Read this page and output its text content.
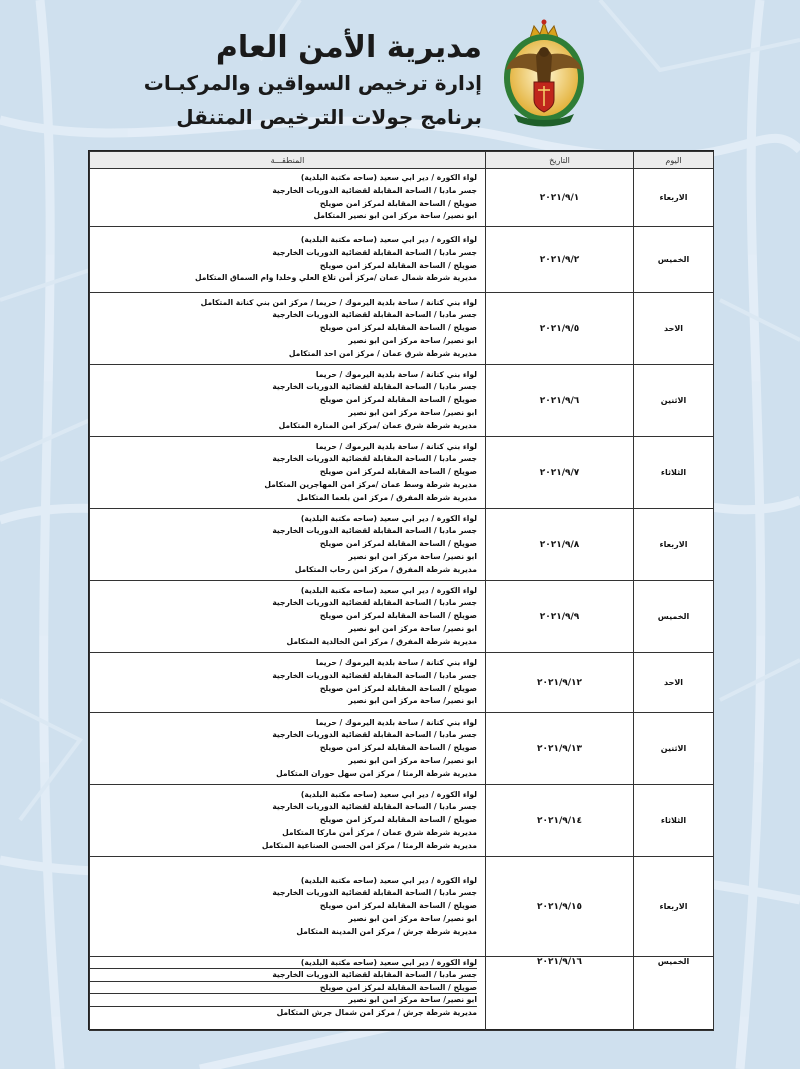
مديرية الأمن العام
إدارة ترخيص السواقين والمركبـات
برنامج جولات الترخيص المتنقل
اليوم	التاريخ	المنطقـــة
الاربعاء	٢٠٢١/٩/١	لواء الكورة / دير ابي سعيد (ساحه مكتبة البلدية)
جسر مادبا / الساحة المقابلة لقضائية الدوريات الخارجية
صويلح / الساحة المقابلة لمركز امن صويلح
ابو نصير/ ساحة مركز امن ابو نصير المتكامل

الخميس	٢٠٢١/٩/٢	لواء الكورة / دير ابي سعيد (ساحه مكتبة البلدية)
جسر مادبا / الساحة المقابلة لقضائية الدوريات الخارجية
صويلح / الساحة المقابلة لمركز امن صويلح
مديرية شرطة شمال عمان /مركز أمن تلاع العلي وخلدا وام السماق المتكامل

الاحد	٢٠٢١/٩/٥	لواء بني كنانة / ساحة بلدية اليرموك / حريما / مركز امن بني كنانة المتكامل
جسر مادبا / الساحة المقابلة لقضائية الدوريات الخارجية
صويلح / الساحة المقابلة لمركز امن صويلح
ابو نصير/ ساحة مركز امن ابو نصير
مديرية شرطة شرق عمان / مركز امن احد المتكامل

الاثنين	٢٠٢١/٩/٦	لواء بني كنانة / ساحة بلدية اليرموك / حريما
جسر مادبا / الساحة المقابلة لقضائية الدوريات الخارجية
صويلح / الساحة المقابلة لمركز امن صويلح
ابو نصير/ ساحة مركز امن ابو نصير
مديرية شرطة شرق عمان /مركز امن المنارة المتكامل

الثلاثاء	٢٠٢١/٩/٧	لواء بني كنانة / ساحة بلدية اليرموك / حريما
جسر مادبا / الساحة المقابلة لقضائية الدوريات الخارجية
صويلح / الساحة المقابلة لمركز امن صويلح
مديرية شرطة وسط عمان /مركز امن المهاجرين المتكامل
مديرية شرطة المفرق / مركز امن بلعما المتكامل

الاربعاء	٢٠٢١/٩/٨	لواء الكورة / دير ابي سعيد (ساحه مكتبة البلدية)
جسر مادبا / الساحة المقابلة لقضائية الدوريات الخارجية
صويلح / الساحة المقابلة لمركز امن صويلح
ابو نصير/ ساحة مركز امن ابو نصير
مديرية شرطة المفرق / مركز امن رحاب المتكامل

الخميس	٢٠٢١/٩/٩	لواء الكورة / دير ابي سعيد (ساحه مكتبة البلدية)
جسر مادبا / الساحة المقابلة لقضائية الدوريات الخارجية
صويلح / الساحة المقابلة لمركز امن صويلح
ابو نصير/ ساحة مركز امن ابو نصير
مديرية شرطة المفرق / مركز امن الخالدية المتكامل

الاحد	٢٠٢١/٩/١٢	لواء بني كنانة / ساحة بلدية اليرموك / حريما
جسر مادبا / الساحة المقابلة لقضائية الدوريات الخارجية
صويلح / الساحة المقابلة لمركز امن صويلح
ابو نصير/ ساحة مركز امن ابو نصير

الاثنين	٢٠٢١/٩/١٣	لواء بني كنانة / ساحة بلدية اليرموك / حريما
جسر مادبا / الساحة المقابلة لقضائية الدوريات الخارجية
صويلح / الساحة المقابلة لمركز امن صويلح
ابو نصير/ ساحة مركز امن ابو نصير
مديرية شرطة الرمثا / مركز امن سهل حوران المتكامل

الثلاثاء	٢٠٢١/٩/١٤	لواء الكورة / دير ابي سعيد (ساحه مكتبة البلدية)
جسر مادبا / الساحة المقابلة لقضائية الدوريات الخارجية
صويلح / الساحة المقابلة لمركز امن صويلح
مديرية شرطة شرق عمان / مركز أمن ماركا المتكامل
مديرية شرطة الرمثا / مركز امن الحسن الصناعية المتكامل

الاربعاء	٢٠٢١/٩/١٥	لواء الكورة / دير ابي سعيد (ساحه مكتبة البلدية)
جسر مادبا / الساحة المقابلة لقضائية الدوريات الخارجية
صويلح / الساحة المقابلة لمركز امن صويلح
ابو نصير/ ساحة مركز امن ابو نصير
مديرية شرطة جرش / مركز امن المدينة المتكامل

الخميس	٢٠٢١/٩/١٦	لواء الكورة / دير ابي سعيد (ساحه مكتبة البلدية)
جسر مادبا / الساحة المقابلة لقضائية الدوريات الخارجية
صويلح / الساحة المقابلة لمركز امن صويلح
ابو نصير/ ساحة مركز امن ابو نصير
مديرية شرطة جرش / مركز امن شمال جرش المتكامل
